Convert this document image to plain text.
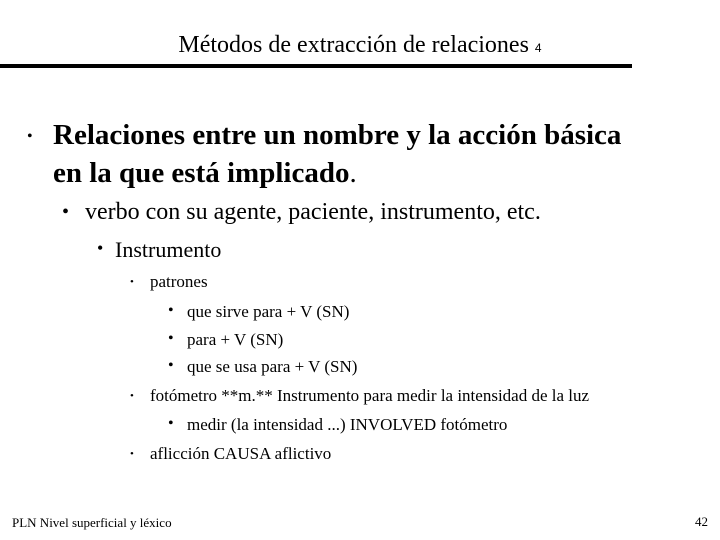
Métodos de extracción de relaciones 4
• Relaciones entre un nombre y la acción básica
en la que está implicado.
• verbo con su agente, paciente, instrumento, etc.
• Instrumento
• patrones
• que sirve para + V (SN)
• para + V (SN)
• que se usa para + V (SN)
• fotómetro **m.** Instrumento para medir la intensidad de la luz
• medir (la intensidad ...) INVOLVED fotómetro
• aflicción CAUSA aflictivo
PLN Nivel superficial y léxico	42
